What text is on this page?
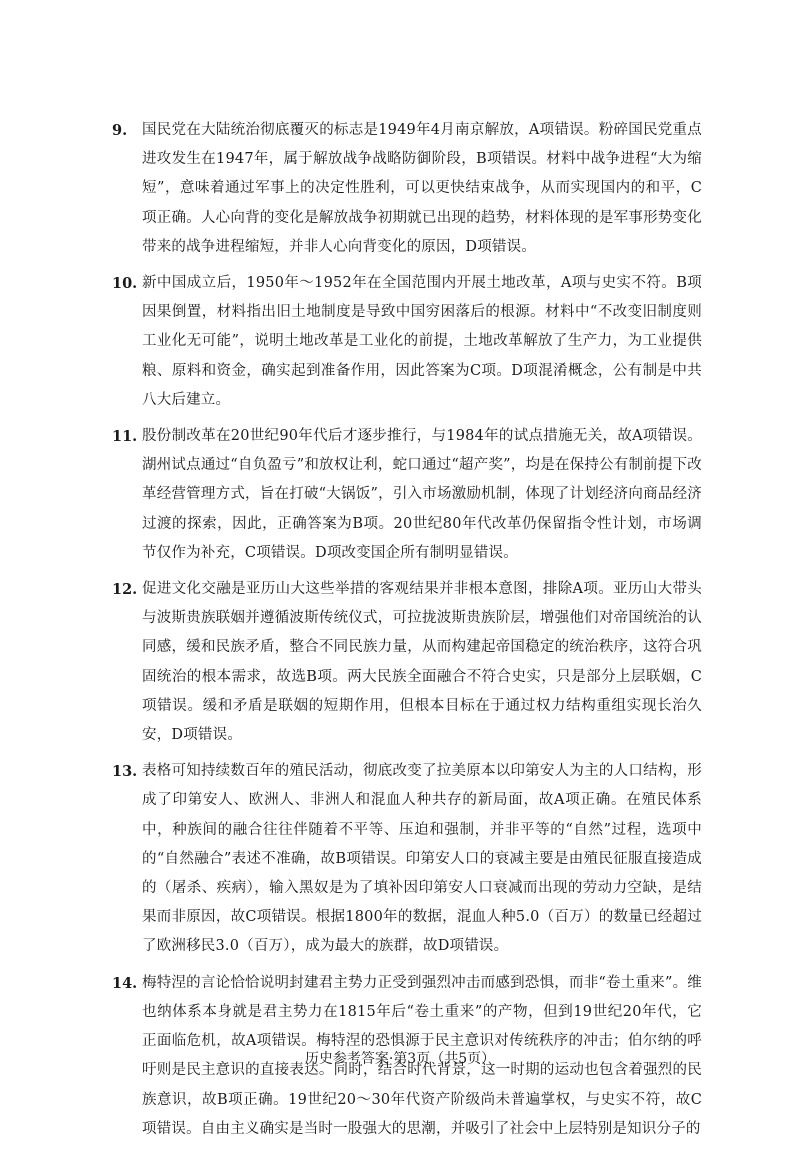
9. 国民党在大陆统治彻底覆灭的标志是1949年4月南京解放，A项错误。粉碎国民党重点进攻发生在1947年，属于解放战争战略防御阶段，B项错误。材料中战争进程“大为缩短”，意味着通过军事上的决定性胜利，可以更快结束战争，从而实现国内的和平，C项正确。人心向背的变化是解放战争初期就已出现的趋势，材料体现的是军事形势变化带来的战争进程缩短，并非人心向背变化的原因，D项错误。
10. 新中国成立后，1950年～1952年在全国范围内开展土地改革，A项与史实不符。B项因果倒置，材料指出旧土地制度是导致中国穷困落后的根源。材料中“不改变旧制度则工业化无可能”，说明土地改革是工业化的前提，土地改革解放了生产力，为工业提供粮、原料和资金，确实起到准备作用，因此答案为C项。D项混淆概念，公有制是中共八大后建立。
11. 股份制改革在20世纪90年代后才逐步推行，与1984年的试点措施无关，故A项错误。湖州试点通过“自负盈亏”和放权让利，蛇口通过“超产奖”，均是在保持公有制前提下改革经营管理方式，旨在打破“大锅饭”，引入市场激励机制，体现了计划经济向商品经济过渡的探索，因此，正确答案为B项。20世纪80年代改革仍保留指令性计划，市场调节仅作为补充，C项错误。D项改变国企所有制明显错误。
12. 促进文化交融是亚历山大这些举措的客观结果并非根本意图，排除A项。亚历山大带头与波斯贵族联姻并遵循波斯传统仪式，可拉拢波斯贵族阶层，增强他们对帝国统治的认同感，缓和民族矛盾，整合不同民族力量，从而构建起帝国稳定的统治秩序，这符合巩固统治的根本需求，故选B项。两大民族全面融合不符合史实，只是部分上层联姻，C项错误。缓和矛盾是联姻的短期作用，但根本目标在于通过权力结构重组实现长治久安，D项错误。
13. 表格可知持续数百年的殖民活动，彻底改变了拉美原本以印第安人为主的人口结构，形成了印第安人、欧洲人、非洲人和混血人种共存的新局面，故A项正确。在殖民体系中，种族间的融合往往伴随着不平等、压迫和强制，并非平等的“自然”过程，选项中的“自然融合”表述不准确，故B项错误。印第安人口的衰减主要是由殖民征服直接造成的（屠杀、疾病），输入黑奴是为了填补因印第安人口衰减而出现的劳动力空缺，是结果而非原因，故C项错误。根据1800年的数据，混血人种5.0（百万）的数量已经超过了欧洲移民3.0（百万），成为最大的族群，故D项错误。
14. 梅特涅的言论恰恰说明封建君主势力正受到强烈冲击而感到恐惧，而非“卷土重来”。维也纳体系本身就是君主势力在1815年后“卷土重来”的产物，但到19世纪20年代，它正面临危机，故A项错误。梅特涅的恐惧源于民主意识对传统秩序的冲击；伯尔纳的呼吁则是民主意识的直接表达。同时，结合时代背景，这一时期的运动也包含着强烈的民族意识，故B项正确。19世纪20～30年代资产阶级尚未普遍掌权，与史实不符，故C项错误。自由主义确实是当时一股强大的思潮，并吸引了社会中上层特别是知识分子的
历史参考答案·第3页（共5页）
